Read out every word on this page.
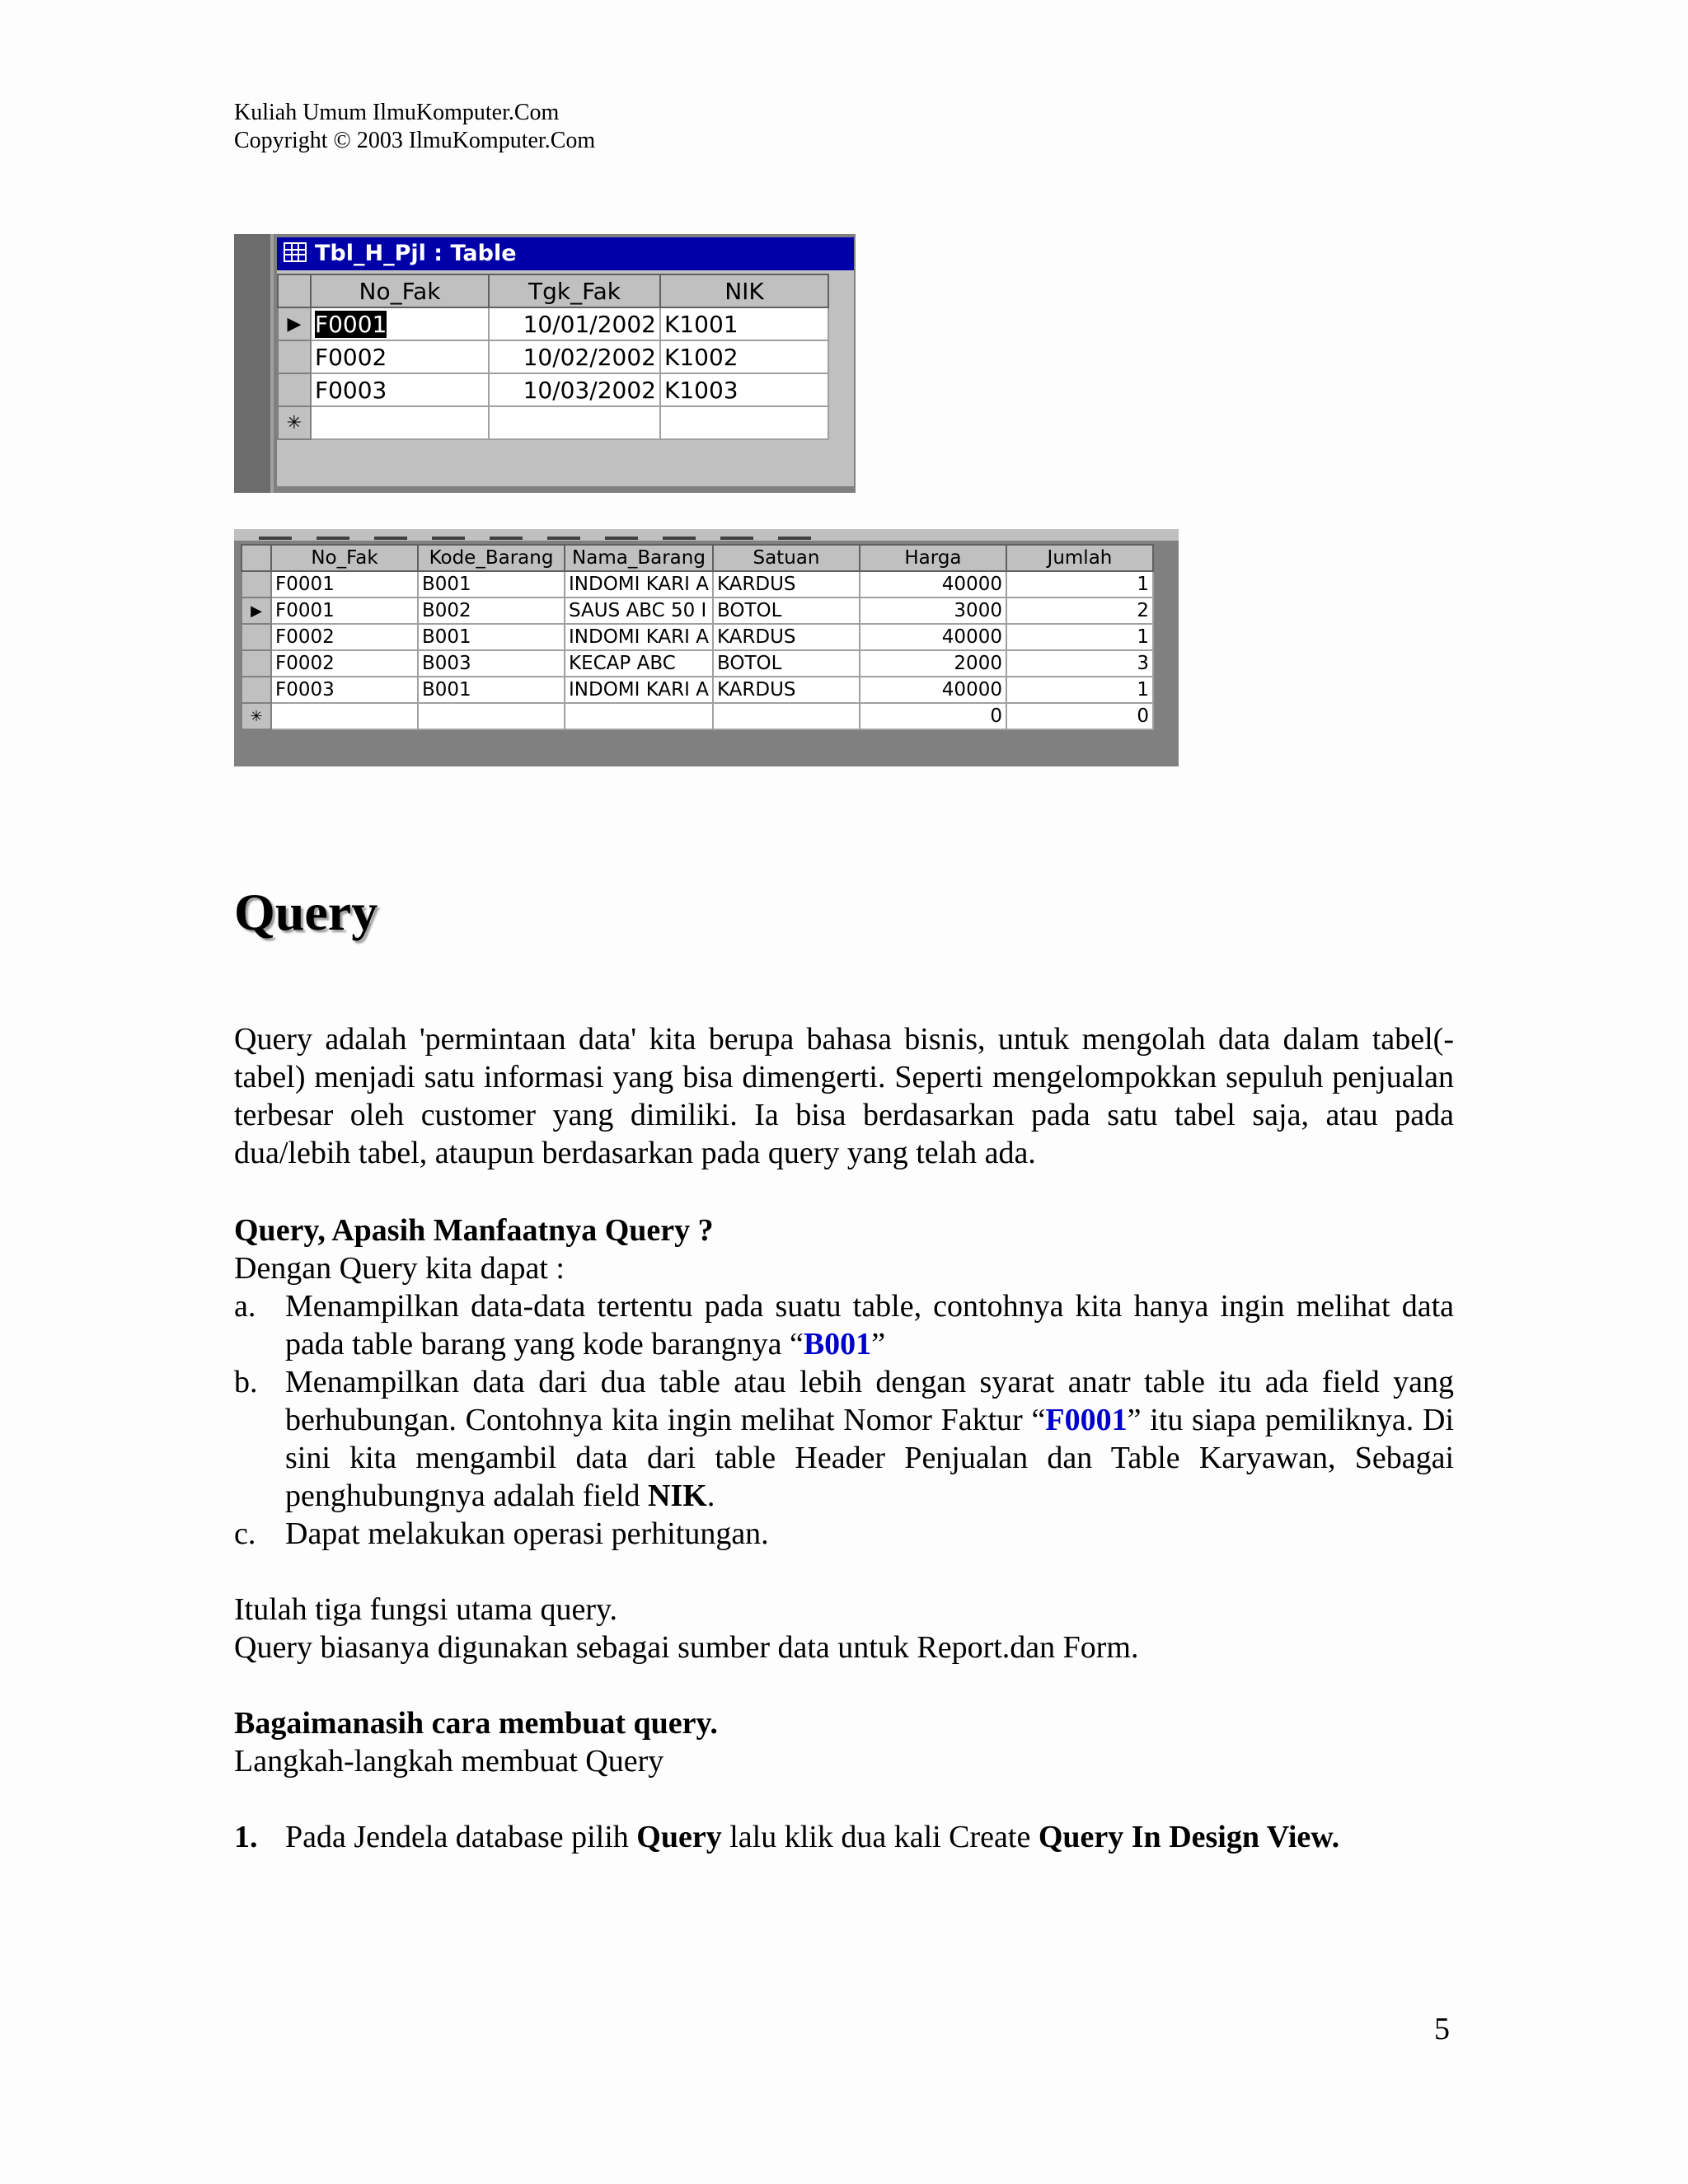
Kuliah Umum IlmuKomputer.Com
Copyright © 2003 IlmuKomputer.Com
Tbl_H_Pjl : Table
	No_Fak	Tgk_Fak	NIK
▶	F0001	10/01/2002	K1001
	F0002	10/02/2002	K1002
	F0003	10/03/2002	K1003
✳			
	No_Fak	Kode_Barang	Nama_Barang	Satuan	Harga	Jumlah
	F0001	B001	INDOMI KARI A	KARDUS	40000	1
▶	F0001	B002	SAUS ABC 50 I	BOTOL	3000	2
	F0002	B001	INDOMI KARI A	KARDUS	40000	1
	F0002	B003	KECAP ABC	BOTOL	2000	3
	F0003	B001	INDOMI KARI A	KARDUS	40000	1
✳					0	0
Query
Query adalah 'permintaan data' kita berupa bahasa bisnis, untuk mengolah data dalam tabel(-tabel) menjadi satu informasi yang bisa dimengerti. Seperti mengelompokkan sepuluh penjualan terbesar oleh customer yang dimiliki. Ia bisa berdasarkan pada satu tabel saja, atau pada dua/lebih tabel, ataupun berdasarkan pada query yang telah ada.
Query, Apasih Manfaatnya Query ?
Dengan Query kita dapat :
a. Menampilkan data-data tertentu pada suatu table, contohnya kita hanya ingin melihat data pada table barang yang kode barangnya “B001”
b. Menampilkan data dari dua table atau lebih dengan syarat anatr table itu ada field yang berhubungan. Contohnya kita ingin melihat Nomor Faktur “F0001” itu siapa pemiliknya. Di sini kita mengambil data dari table Header Penjualan dan Table Karyawan, Sebagai penghubungnya adalah field NIK.
c. Dapat melakukan operasi perhitungan.
Itulah tiga fungsi utama query.
Query biasanya digunakan sebagai sumber data untuk Report.dan Form.
Bagaimanasih cara membuat query.
Langkah-langkah membuat Query
1. Pada Jendela database pilih Query lalu klik dua kali Create Query In Design View.
5
